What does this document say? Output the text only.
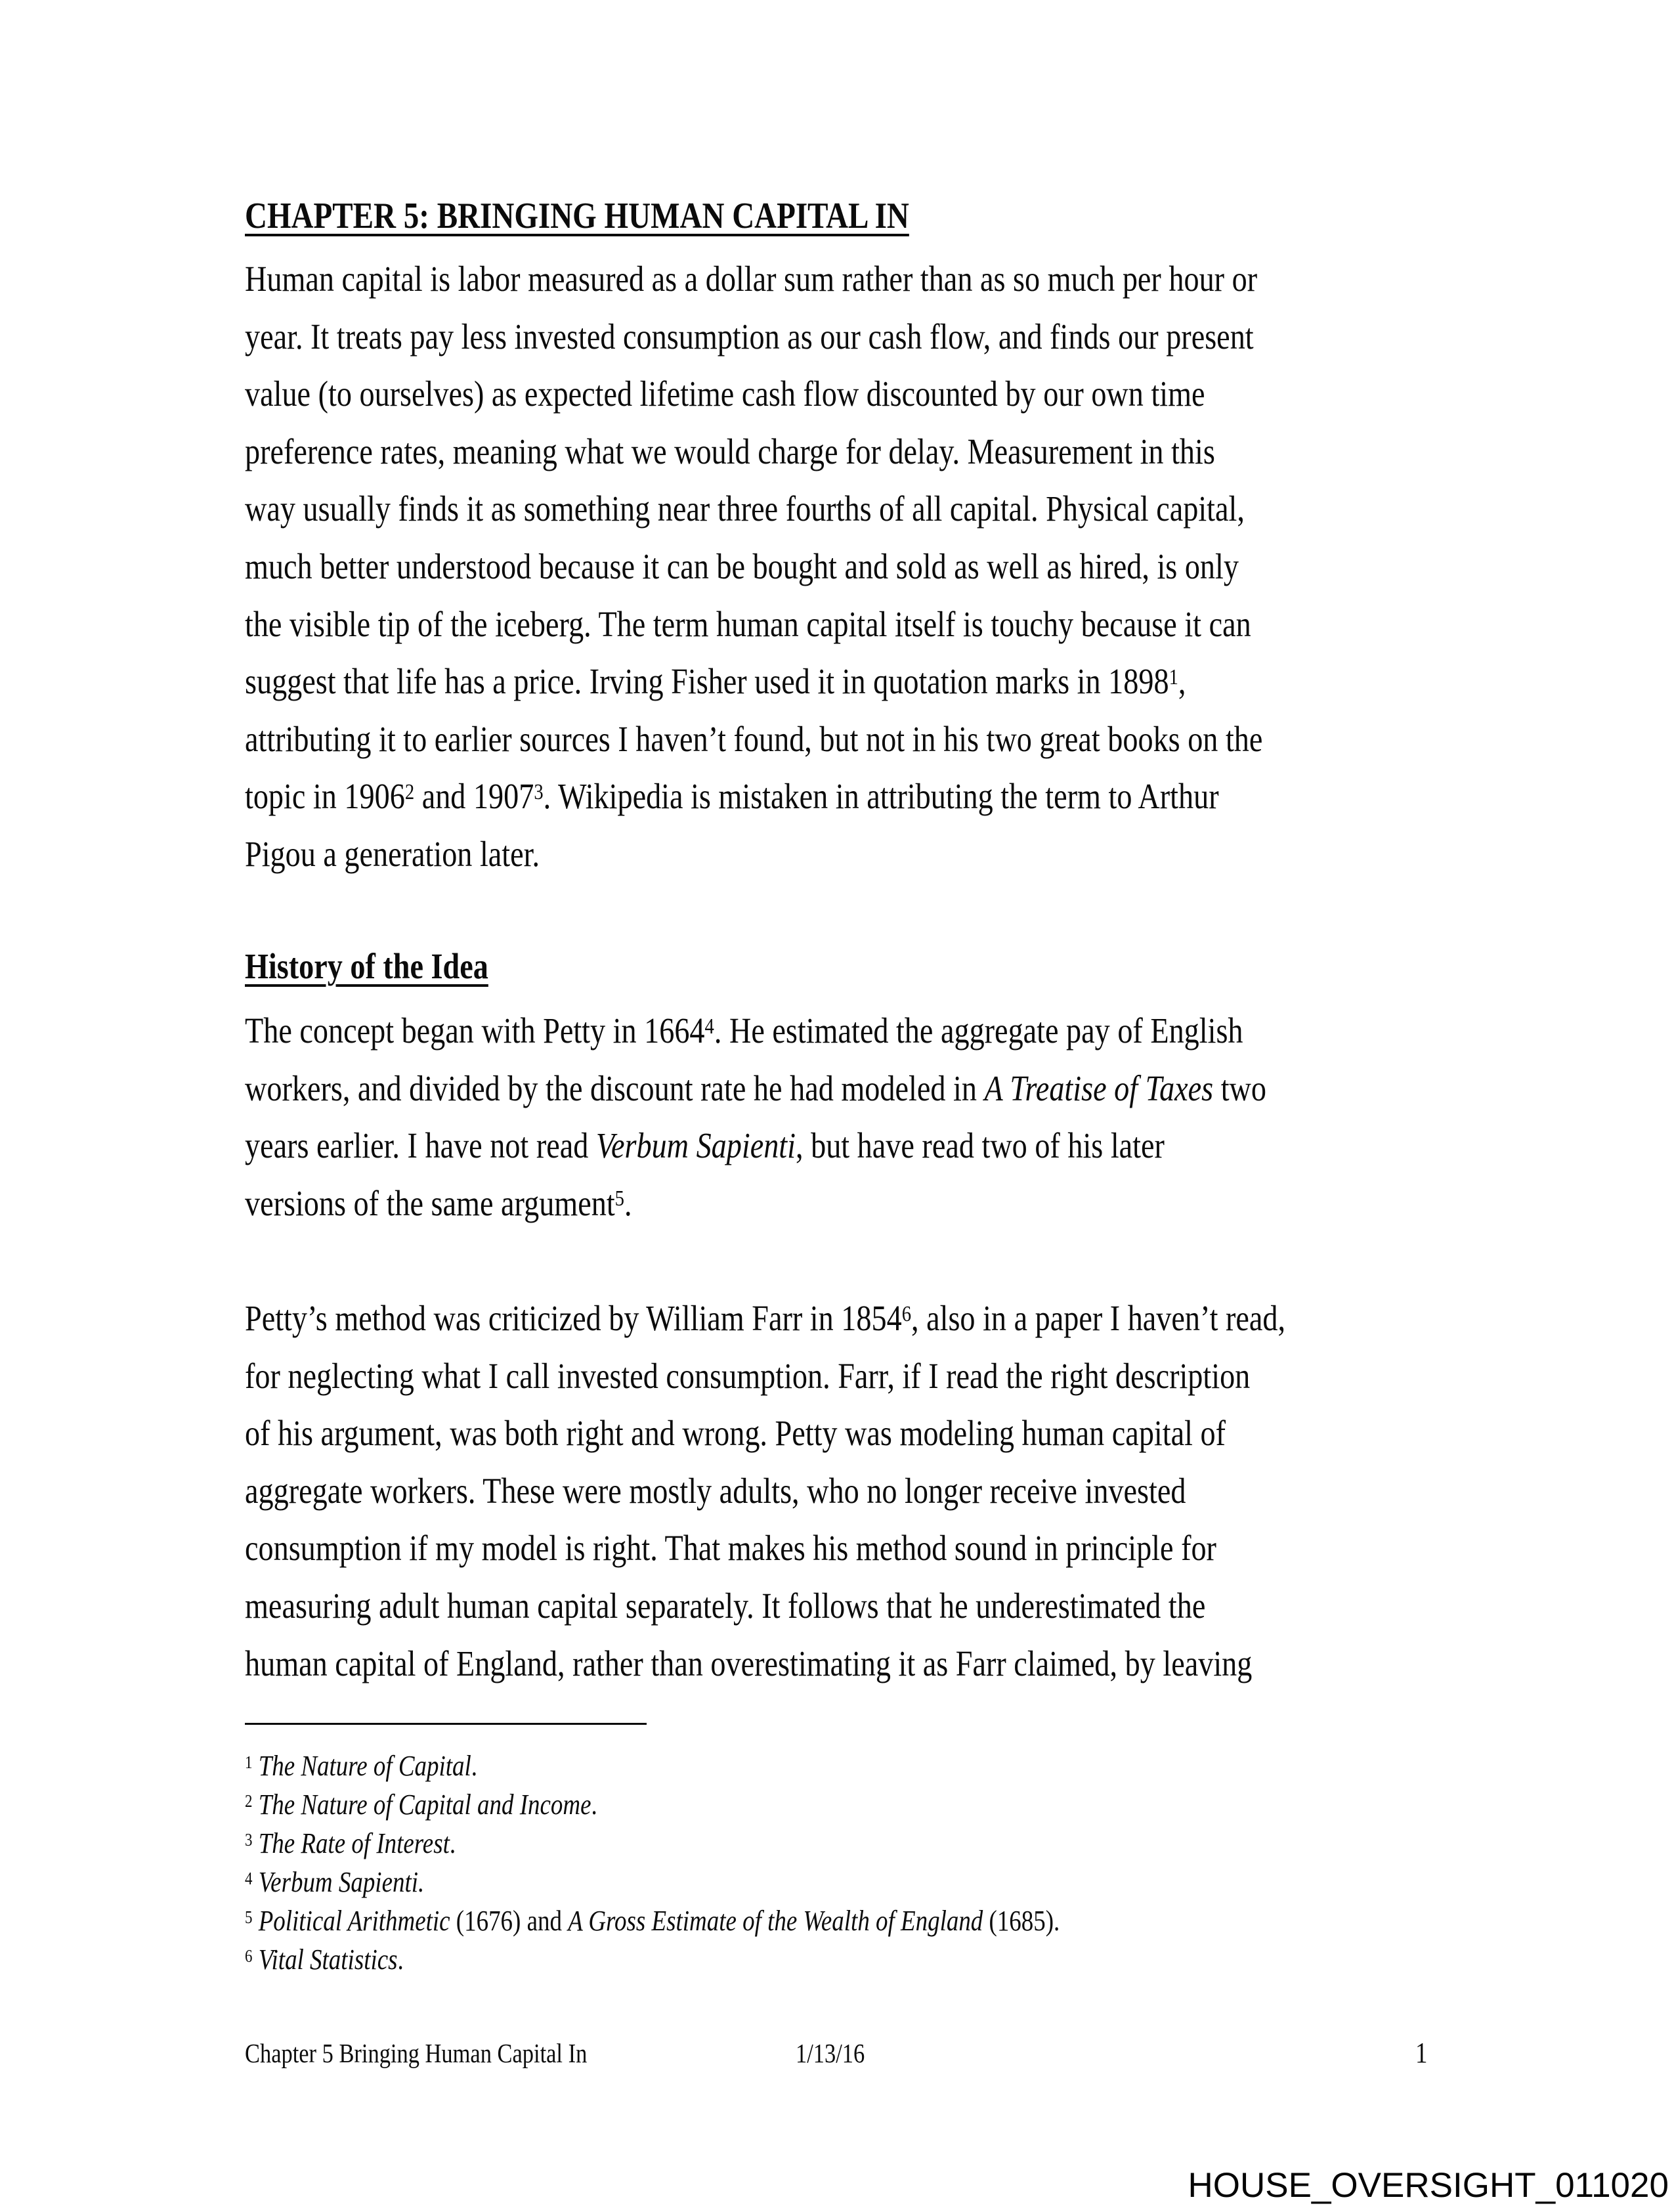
CHAPTER 5: BRINGING HUMAN CAPITAL IN
Human capital is labor measured as a dollar sum rather than as so much per hour or
year. It treats pay less invested consumption as our cash flow, and finds our present
value (to ourselves) as expected lifetime cash flow discounted by our own time
preference rates, meaning what we would charge for delay. Measurement in this
way usually finds it as something near three fourths of all capital. Physical capital,
much better understood because it can be bought and sold as well as hired, is only
the visible tip of the iceberg. The term human capital itself is touchy because it can
suggest that life has a price. Irving Fisher used it in quotation marks in 1898$^1$,
attributing it to earlier sources I haven’t found, but not in his two great books on the
topic in 1906$^2$ and 1907$^3$. Wikipedia is mistaken in attributing the term to Arthur
Pigou a generation later.
History of the Idea
The concept began with Petty in 1664$^4$. He estimated the aggregate pay of English
workers, and divided by the discount rate he had modeled in A Treatise of Taxes two
years earlier. I have not read Verbum Sapienti, but have read two of his later
versions of the same argument$^5$.
Petty’s method was criticized by William Farr in 1854$^6$, also in a paper I haven’t read,
for neglecting what I call invested consumption. Farr, if I read the right description
of his argument, was both right and wrong. Petty was modeling human capital of
aggregate workers. These were mostly adults, who no longer receive invested
consumption if my model is right. That makes his method sound in principle for
measuring adult human capital separately. It follows that he underestimated the
human capital of England, rather than overestimating it as Farr claimed, by leaving
$^1$ The Nature of Capital.
$^2$ The Nature of Capital and Income.
$^3$ The Rate of Interest.
$^4$ Verbum Sapienti.
$^5$ Political Arithmetic (1676) and A Gross Estimate of the Wealth of England (1685).
$^6$ Vital Statistics.
Chapter 5 Bringing Human Capital In	1/13/16	1
HOUSE_OVERSIGHT_011020
